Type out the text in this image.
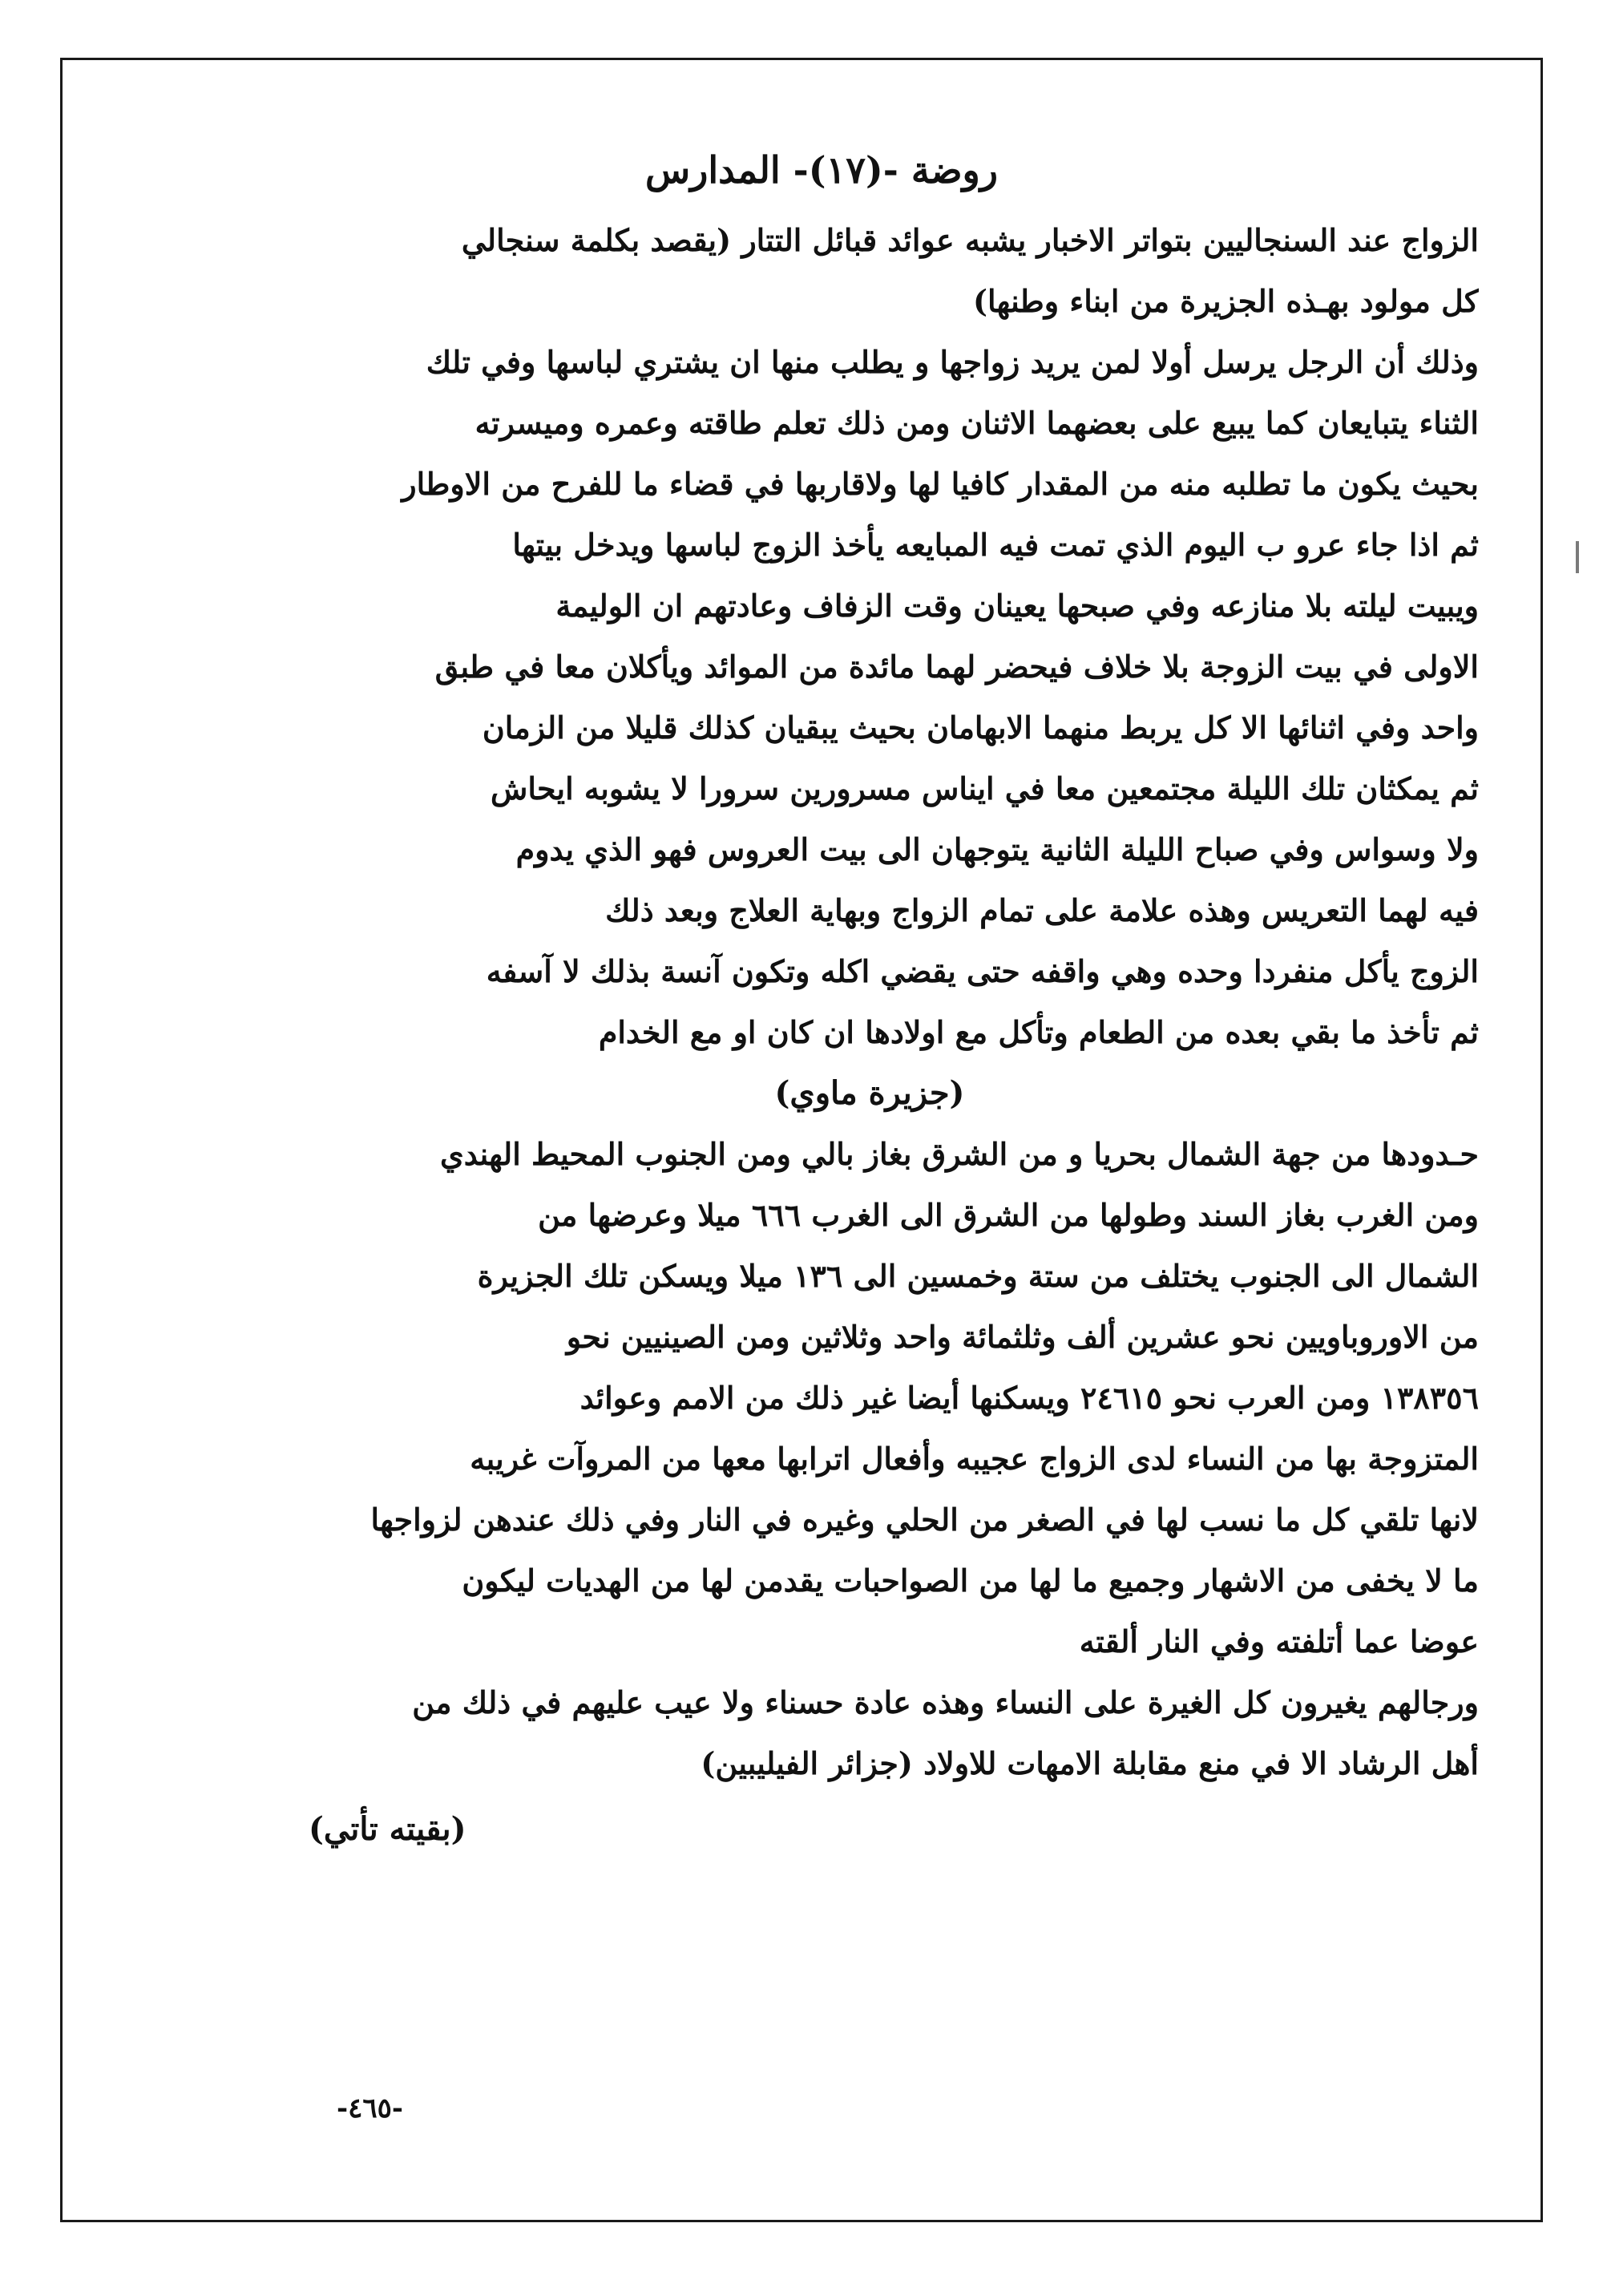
روضة -(١٧)- المدارس
الزواج عند السنجاليين بتواتر الاخبار يشبه عوائد قبائل التتار (يقصد بكلمة سنجالي
كل مولود بهـذه الجزيرة من ابناء وطنها)
وذلك أن الرجل يرسل أولا لمن يريد زواجها و يطلب منها ان يشتري لباسها وفي تلك
الثناء يتبايعان كما يبيع على بعضهما الاثنان ومن ذلك تعلم طاقته وعمره وميسرته
بحيث يكون ما تطلبه منه من المقدار كافيا لها ولاقاربها في قضاء ما للفرح من الاوطار
ثم اذا جاء عرو ب اليوم الذي تمت فيه المبايعه يأخذ الزوج لباسها ويدخل بيتها
ويبيت ليلته بلا منازعه وفي صبحها يعينان وقت الزفاف وعادتهم ان الوليمة
الاولى في بيت الزوجة بلا خلاف فيحضر لهما مائدة من الموائد ويأكلان معا في طبق
واحد وفي اثنائها الا كل يربط منهما الابهامان بحيث يبقيان كذلك قليلا من الزمان
ثم يمكثان تلك الليلة مجتمعين معا في ايناس مسرورين سرورا لا يشوبه ايحاش
ولا وسواس وفي صباح الليلة الثانية يتوجهان الى بيت العروس فهو الذي يدوم
فيه لهما التعريس وهذه علامة على تمام الزواج وبهاية العلاج وبعد ذلك
الزوج يأكل منفردا وحده وهي واقفه حتى يقضي اكله وتكون آنسة بذلك لا آسفه
ثم تأخذ ما بقي بعده من الطعام وتأكل مع اولادها ان كان او مع الخدام
(جزيرة ماوي)
حـدودها من جهة الشمال بحريا و من الشرق بغاز بالي ومن الجنوب المحيط الهندي
ومن الغرب بغاز السند وطولها من الشرق الى الغرب ٦٦٦ ميلا وعرضها من
الشمال الى الجنوب يختلف من ستة وخمسين الى ١٣٦ ميلا ويسكن تلك الجزيرة
من الاوروباويين نحو عشرين ألف وثلثمائة واحد وثلاثين ومن الصينيين نحو
١٣٨٣٥٦ ومن العرب نحو ٢٤٦١٥ ويسكنها أيضا غير ذلك من الامم وعوائد
المتزوجة بها من النساء لدى الزواج عجيبه وأفعال اترابها معها من المروآت غريبه
لانها تلقي كل ما نسب لها في الصغر من الحلي وغيره في النار وفي ذلك عندهن لزواجها
ما لا يخفى من الاشهار وجميع ما لها من الصواحبات يقدمن لها من الهديات ليكون
عوضا عما أتلفته وفي النار ألقته
ورجالهم يغيرون كل الغيرة على النساء وهذه عادة حسناء ولا عيب عليهم في ذلك من
أهل الرشاد الا في منع مقابلة الامهات للاولاد (جزائر الفيليبين)
(بقيته تأتي)
-٤٦٥-
